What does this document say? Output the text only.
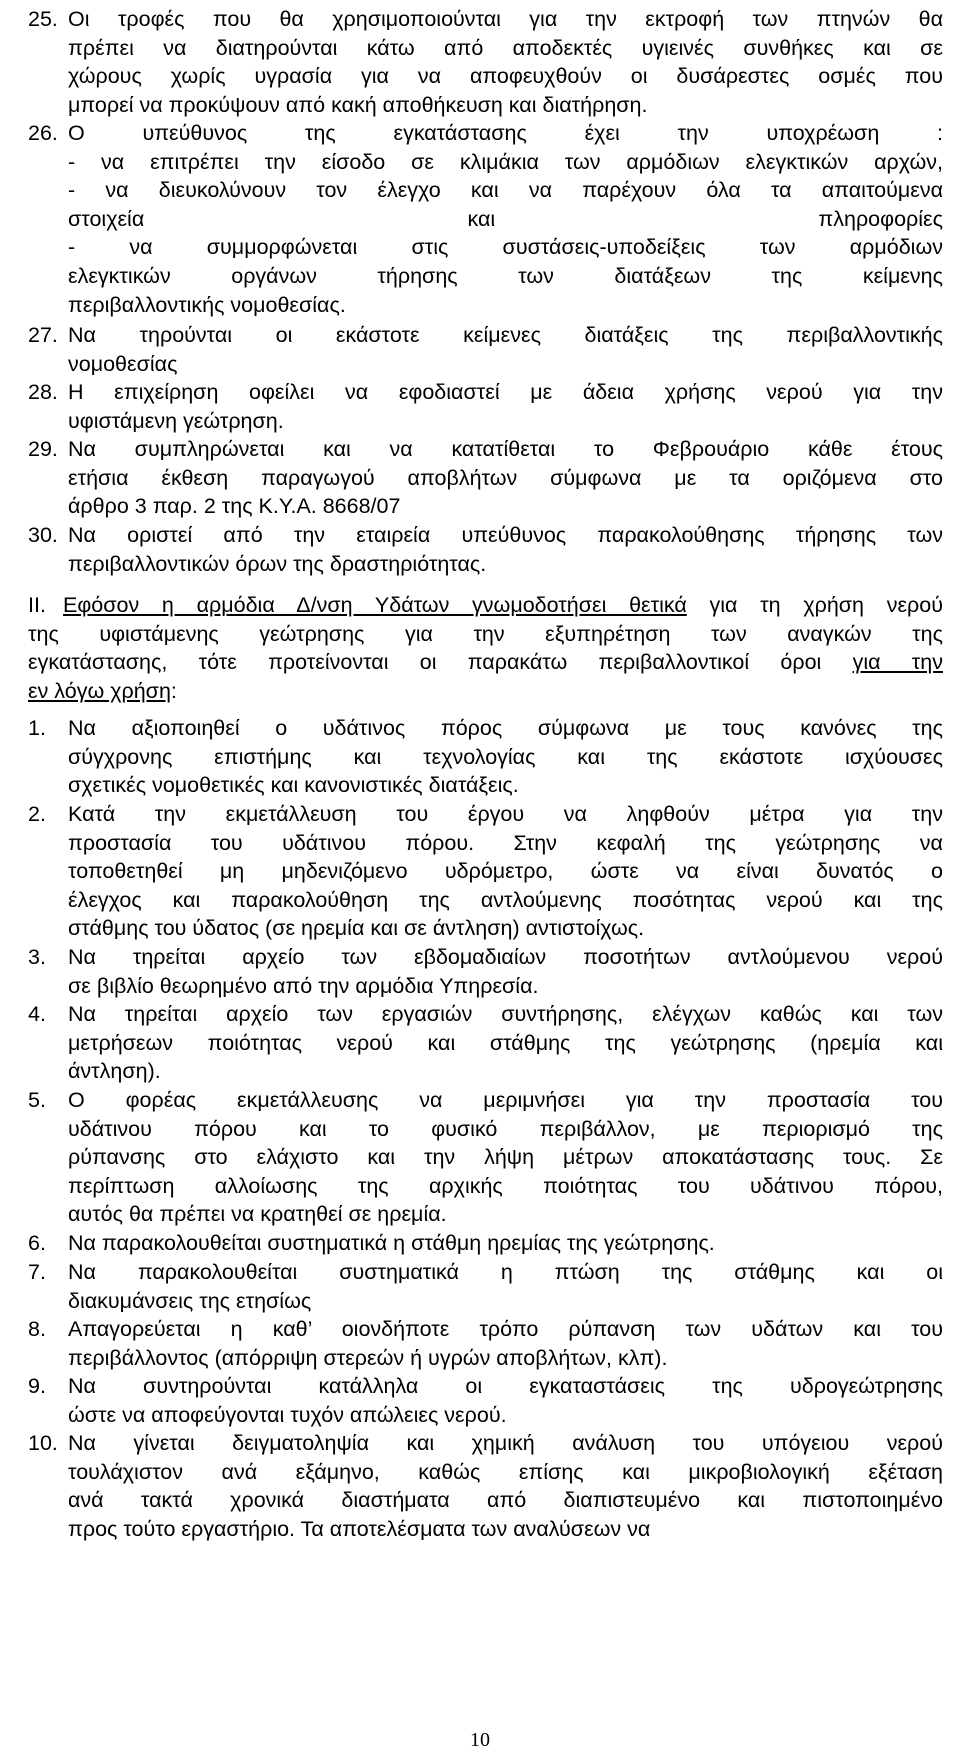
25. Οι τροφές που θα χρησιμοποιούνται για την εκτροφή των πτηνών θα
πρέπει να διατηρούνται κάτω από αποδεκτές υγιεινές συνθήκες και σε
χώρους χωρίς υγρασία για να αποφευχθούν οι δυσάρεστες οσμές που
μπορεί να προκύψουν από κακή αποθήκευση και διατήρηση.
26. Ο υπεύθυνος της εγκατάστασης έχει την υποχρέωση :
- να επιτρέπει την είσοδο σε κλιμάκια των αρμόδιων ελεγκτικών αρχών,
- να διευκολύνουν τον έλεγχο και να παρέχουν όλα τα απαιτούμενα
στοιχεία και πληροφορίες
- να συμμορφώνεται στις συστάσεις-υποδείξεις των αρμόδιων
ελεγκτικών οργάνων τήρησης των διατάξεων της κείμενης
περιβαλλοντικής νομοθεσίας.
27. Να τηρούνται οι εκάστοτε κείμενες διατάξεις της περιβαλλοντικής
νομοθεσίας
28. Η επιχείρηση οφείλει να εφοδιαστεί με άδεια χρήσης νερού για την
υφιστάμενη γεώτρηση.
29. Να συμπληρώνεται και να κατατίθεται το Φεβρουάριο κάθε έτους
ετήσια έκθεση παραγωγού αποβλήτων σύμφωνα με τα οριζόμενα στο
άρθρο 3 παρ. 2 της Κ.Υ.Α. 8668/07
30. Να οριστεί από την εταιρεία υπεύθυνος παρακολούθησης τήρησης των
περιβαλλοντικών όρων της δραστηριότητας.
II. Εφόσον η αρμόδια Δ/νση Υδάτων γνωμοδοτήσει θετικά για τη χρήση νερού
της υφιστάμενης γεώτρησης για την εξυπηρέτηση των αναγκών της
εγκατάστασης, τότε προτείνονται οι παρακάτω περιβαλλοντικοί όροι για την
εν λόγω χρήση:
1. Να αξιοποιηθεί ο υδάτινος πόρος σύμφωνα με τους κανόνες της
σύγχρονης επιστήμης και τεχνολογίας και της εκάστοτε ισχύουσες
σχετικές νομοθετικές και κανονιστικές διατάξεις.
2. Κατά την εκμετάλλευση του έργου να ληφθούν μέτρα για την
προστασία του υδάτινου πόρου. Στην κεφαλή της γεώτρησης να
τοποθετηθεί μη μηδενιζόμενο υδρόμετρο, ώστε να είναι δυνατός ο
έλεγχος και παρακολούθηση της αντλούμενης ποσότητας νερού και της
στάθμης του ύδατος (σε ηρεμία και σε άντληση) αντιστοίχως.
3. Να τηρείται αρχείο των εβδομαδιαίων ποσοτήτων αντλούμενου νερού
σε βιβλίο θεωρημένο από την αρμόδια Υπηρεσία.
4. Να τηρείται αρχείο των εργασιών συντήρησης, ελέγχων καθώς και των
μετρήσεων ποιότητας νερού και στάθμης της γεώτρησης (ηρεμία και
άντληση).
5. Ο φορέας εκμετάλλευσης να μεριμνήσει για την προστασία του
υδάτινου πόρου και το φυσικό περιβάλλον, με περιορισμό της
ρύπανσης στο ελάχιστο και την λήψη μέτρων αποκατάστασης τους. Σε
περίπτωση αλλοίωσης της αρχικής ποιότητας του υδάτινου πόρου,
αυτός θα πρέπει να κρατηθεί σε ηρεμία.
6. Να παρακολουθείται συστηματικά η στάθμη ηρεμίας της γεώτρησης.
7. Να παρακολουθείται συστηματικά η πτώση της στάθμης και οι
διακυμάνσεις της ετησίως
8. Απαγορεύεται η καθ’ οιονδήποτε τρόπο ρύπανση των υδάτων και του
περιβάλλοντος (απόρριψη στερεών ή υγρών αποβλήτων, κλπ).
9. Να συντηρούνται κατάλληλα οι εγκαταστάσεις της υδρογεώτρησης
ώστε να αποφεύγονται τυχόν απώλειες νερού.
10. Να γίνεται δειγματοληψία και χημική ανάλυση του υπόγειου νερού
τουλάχιστον ανά εξάμηνο, καθώς επίσης και μικροβιολογική εξέταση
ανά τακτά χρονικά διαστήματα από διαπιστευμένο και πιστοποιημένο
προς τούτο εργαστήριο. Τα αποτελέσματα των αναλύσεων να
10
